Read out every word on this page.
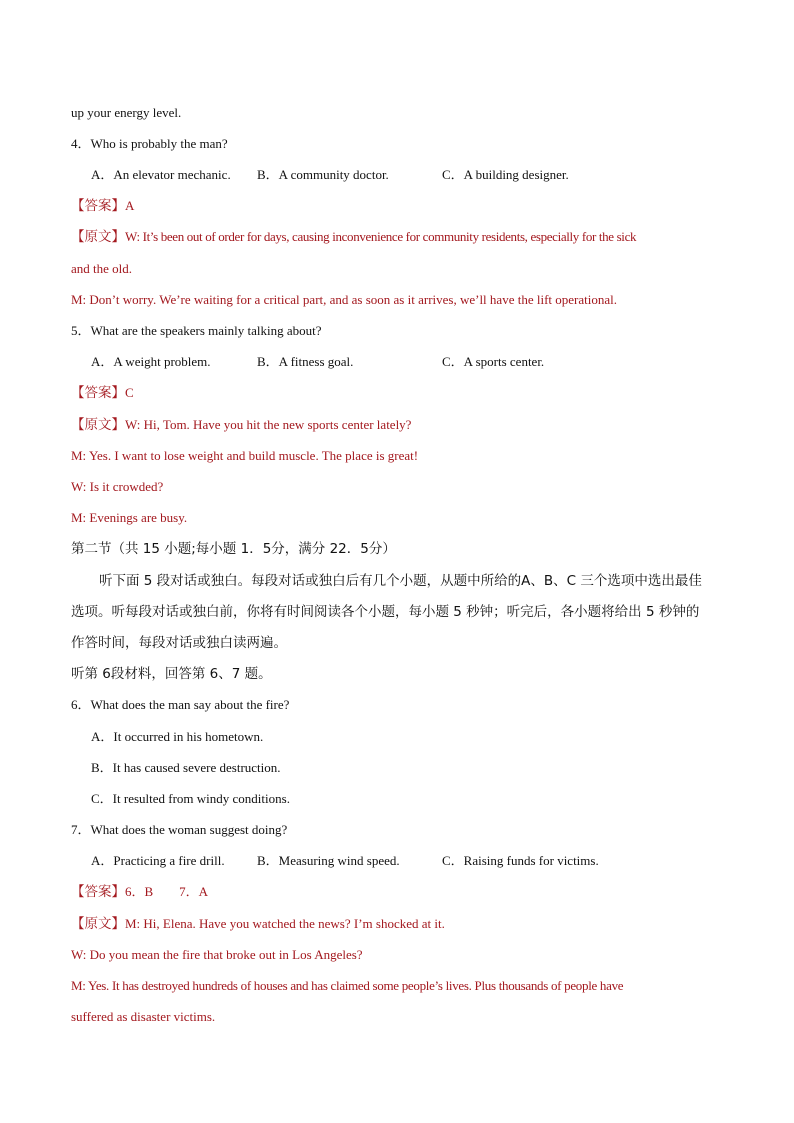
up your energy level.
4．Who is probably the man?
A．An elevator mechanic. B．A community doctor.	C．A building designer.
【答案】A
【原文】W: It’s been out of order for days, causing inconvenience for community residents, especially for the sick
and the old.
M: Don’t worry. We’re waiting for a critical part, and as soon as it arrives, we’ll have the lift operational.
5．What are the speakers mainly talking about?
A．A weight problem.	B．A fitness goal.	C．A sports center.
【答案】C
【原文】W: Hi, Tom. Have you hit the new sports center lately?
M: Yes. I want to lose weight and build muscle. The place is great!
W: Is it crowded?
M: Evenings are busy.
第二节（共 15 小题;每小题 1．5分，满分 22．5分）
听下面 5 段对话或独白。每段对话或独白后有几个小题，从题中所给的A、B、C 三个选项中选出最佳
选项。听每段对话或独白前，你将有时间阅读各个小题，每小题 5 秒钟；听完后，各小题将给出 5 秒钟的
作答时间，每段对话或独白读两遍。
听第 6段材料，回答第 6、7 题。
6．What does the man say about the fire?
A．It occurred in his hometown.
B．It has caused severe destruction.
C．It resulted from windy conditions.
7．What does the woman suggest doing?
A．Practicing a fire drill. B．Measuring wind speed.	C．Raising funds for victims.
【答案】6．B        7．A
【原文】M: Hi, Elena. Have you watched the news? I’m shocked at it.
W: Do you mean the fire that broke out in Los Angeles?
M: Yes. It has destroyed hundreds of houses and has claimed some people’s lives. Plus thousands of people have
suffered as disaster victims.
